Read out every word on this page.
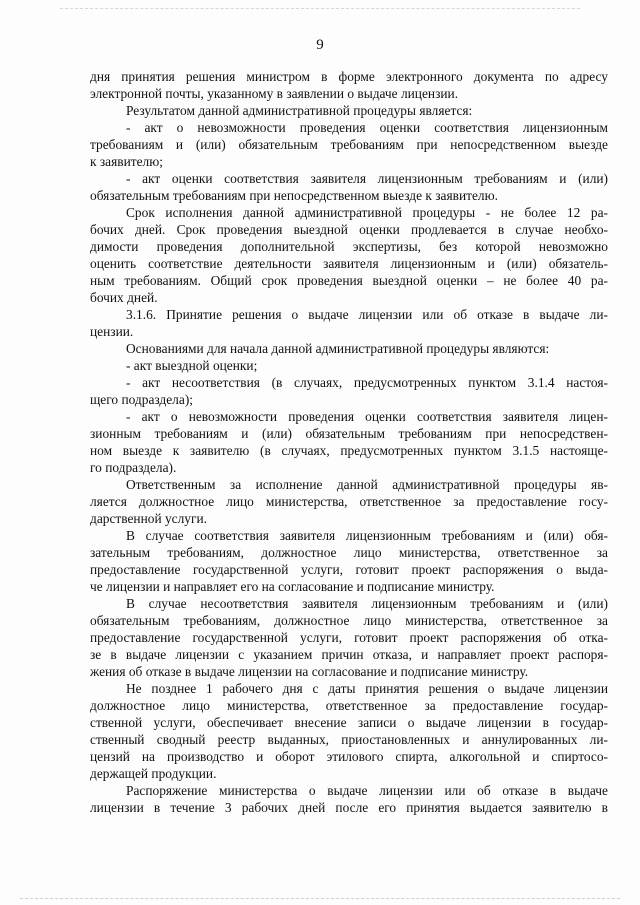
9
дня принятия решения министром в форме электронного документа по адресу
электронной почты, указанному в заявлении о выдаче лицензии.
Результатом данной административной процедуры является:
- акт о невозможности проведения оценки соответствия лицензионным
требованиям и (или) обязательным требованиям при непосредственном выезде
к заявителю;
- акт оценки соответствия заявителя лицензионным требованиям и (или)
обязательным требованиям при непосредственном выезде к заявителю.
Срок исполнения данной административной процедуры - не более 12 ра-
бочих дней. Срок проведения выездной оценки продлевается в случае необхо-
димости проведения дополнительной экспертизы, без которой невозможно
оценить соответствие деятельности заявителя лицензионным и (или) обязатель-
ным требованиям. Общий срок проведения выездной оценки – не более 40 ра-
бочих дней.
3.1.6. Принятие решения о выдаче лицензии или об отказе в выдаче ли-
цензии.
Основаниями для начала данной административной процедуры являются:
- акт выездной оценки;
- акт несоответствия (в случаях, предусмотренных пунктом 3.1.4 настоя-
щего подраздела);
- акт о невозможности проведения оценки соответствия заявителя лицен-
зионным требованиям и (или) обязательным требованиям при непосредствен-
ном выезде к заявителю (в случаях, предусмотренных пунктом 3.1.5 настояще-
го подраздела).
Ответственным за исполнение данной административной процедуры яв-
ляется должностное лицо министерства, ответственное за предоставление госу-
дарственной услуги.
В случае соответствия заявителя лицензионным требованиям и (или) обя-
зательным требованиям, должностное лицо министерства, ответственное за
предоставление государственной услуги, готовит проект распоряжения о выда-
че лицензии и направляет его на согласование и подписание министру.
В случае несоответствия заявителя лицензионным требованиям и (или)
обязательным требованиям, должностное лицо министерства, ответственное за
предоставление государственной услуги, готовит проект распоряжения об отка-
зе в выдаче лицензии с указанием причин отказа, и направляет проект распоря-
жения об отказе в выдаче лицензии на согласование и подписание министру.
Не позднее 1 рабочего дня с даты принятия решения о выдаче лицензии
должностное лицо министерства, ответственное за предоставление государ-
ственной услуги, обеспечивает внесение записи о выдаче лицензии в государ-
ственный сводный реестр выданных, приостановленных и аннулированных ли-
цензий на производство и оборот этилового спирта, алкогольной и спиртосо-
держащей продукции.
Распоряжение министерства о выдаче лицензии или об отказе в выдаче
лицензии в течение 3 рабочих дней после его принятия выдается заявителю в
